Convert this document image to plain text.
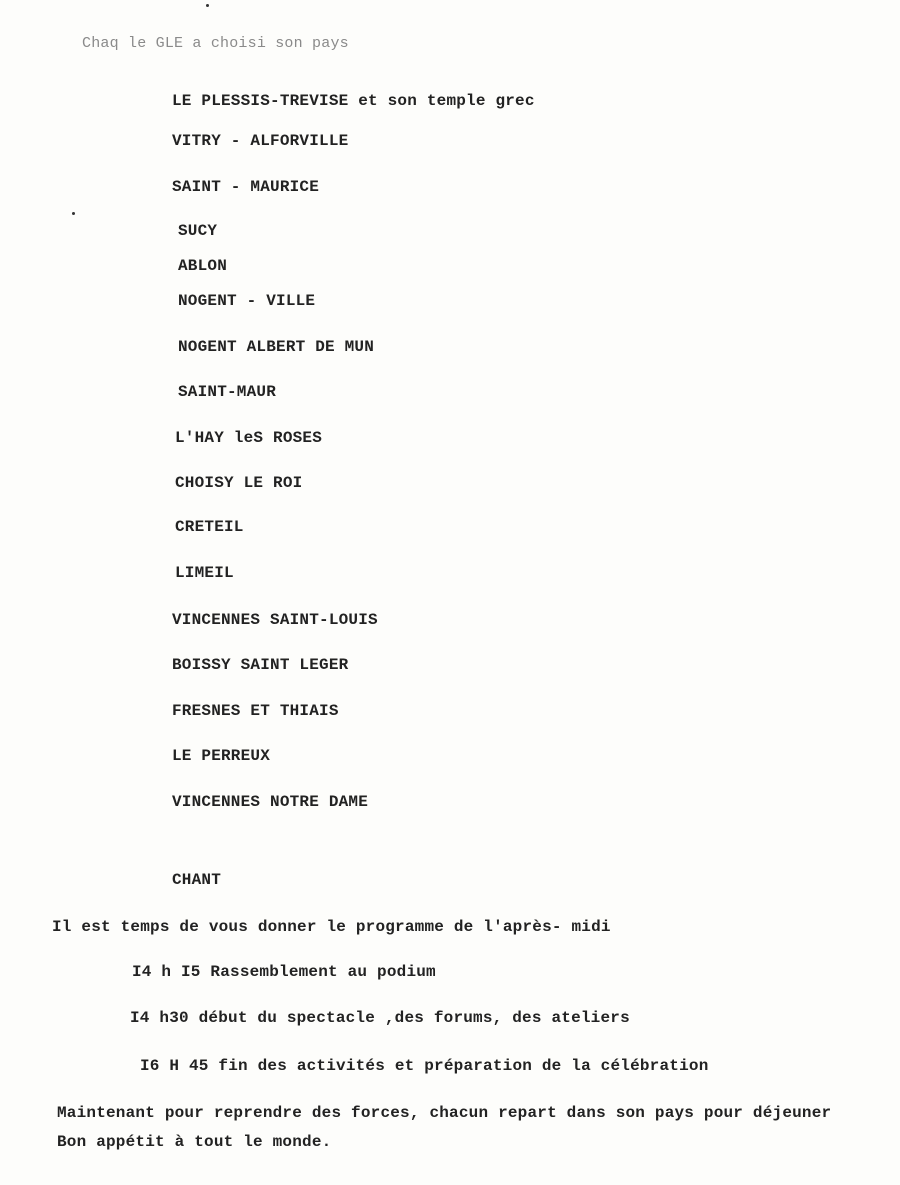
Chaq le GLE a choisi son pays
LE PLESSIS-TREVISE et son temple grec
VITRY - ALFORVILLE
SAINT - MAURICE
SUCY
ABLON
NOGENT - VILLE
NOGENT ALBERT DE MUN
SAINT-MAUR
L'HAY leS ROSES
CHOISY LE ROI
CRETEIL
LIMEIL
VINCENNES SAINT-LOUIS
BOISSY SAINT LEGER
FRESNES ET THIAIS
LE PERREUX
VINCENNES NOTRE DAME
CHANT
Il est temps de vous donner le programme de l'après- midi
I4 h I5 Rassemblement au podium
I4 h30 début du spectacle ,des forums, des ateliers
I6 H 45 fin des activités et préparation de la célébration
Maintenant pour reprendre des forces, chacun repart dans son pays pour déjeuner
Bon appétit à tout le monde.
